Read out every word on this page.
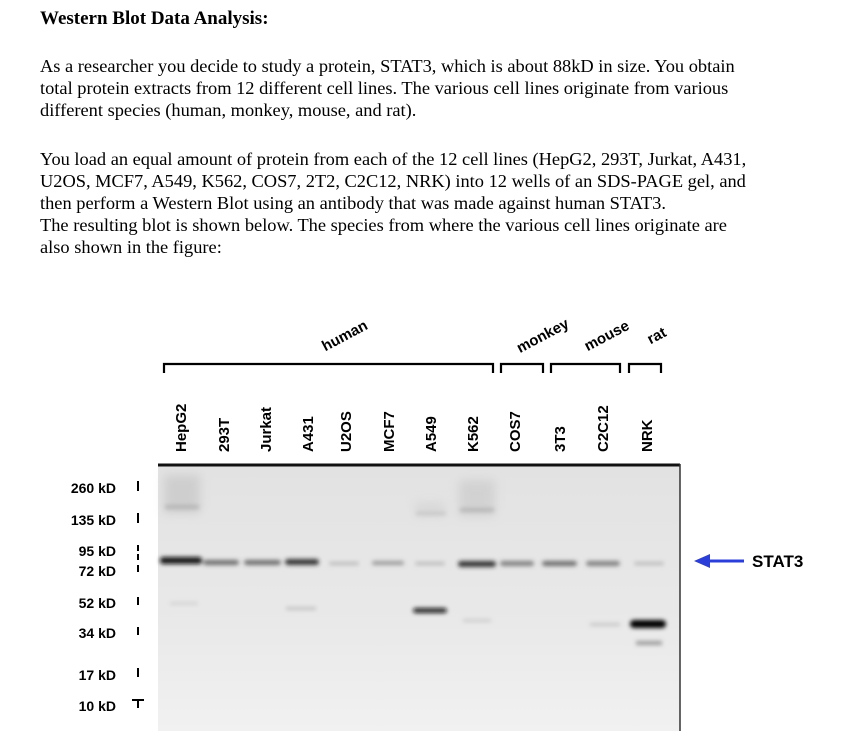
Western Blot Data Analysis:

As a researcher you decide to study a protein, STAT3, which is about 88kD in size. You obtain
total protein extracts from 12 different cell lines. The various cell lines originate from various
different species (human, monkey, mouse, and rat).

You load an equal amount of protein from each of the 12 cell lines (HepG2, 293T, Jurkat, A431,
U2OS, MCF7, A549, K562, COS7, 2T2, C2C12, NRK) into 12 wells of an SDS-PAGE gel, and
then perform a Western Blot using an antibody that was made against human STAT3.
The resulting blot is shown below. The species from where the various cell lines originate are
also shown in the figure:

human	monkey mouse rat
HepG2 293T Jurkat A431 U2OS MCF7 A549 K562 COS7 3T3 C2C12 NRK
260 kD
135 kD
95 kD
72 kD
52 kD
34 kD
17 kD
10 kD
STAT3
